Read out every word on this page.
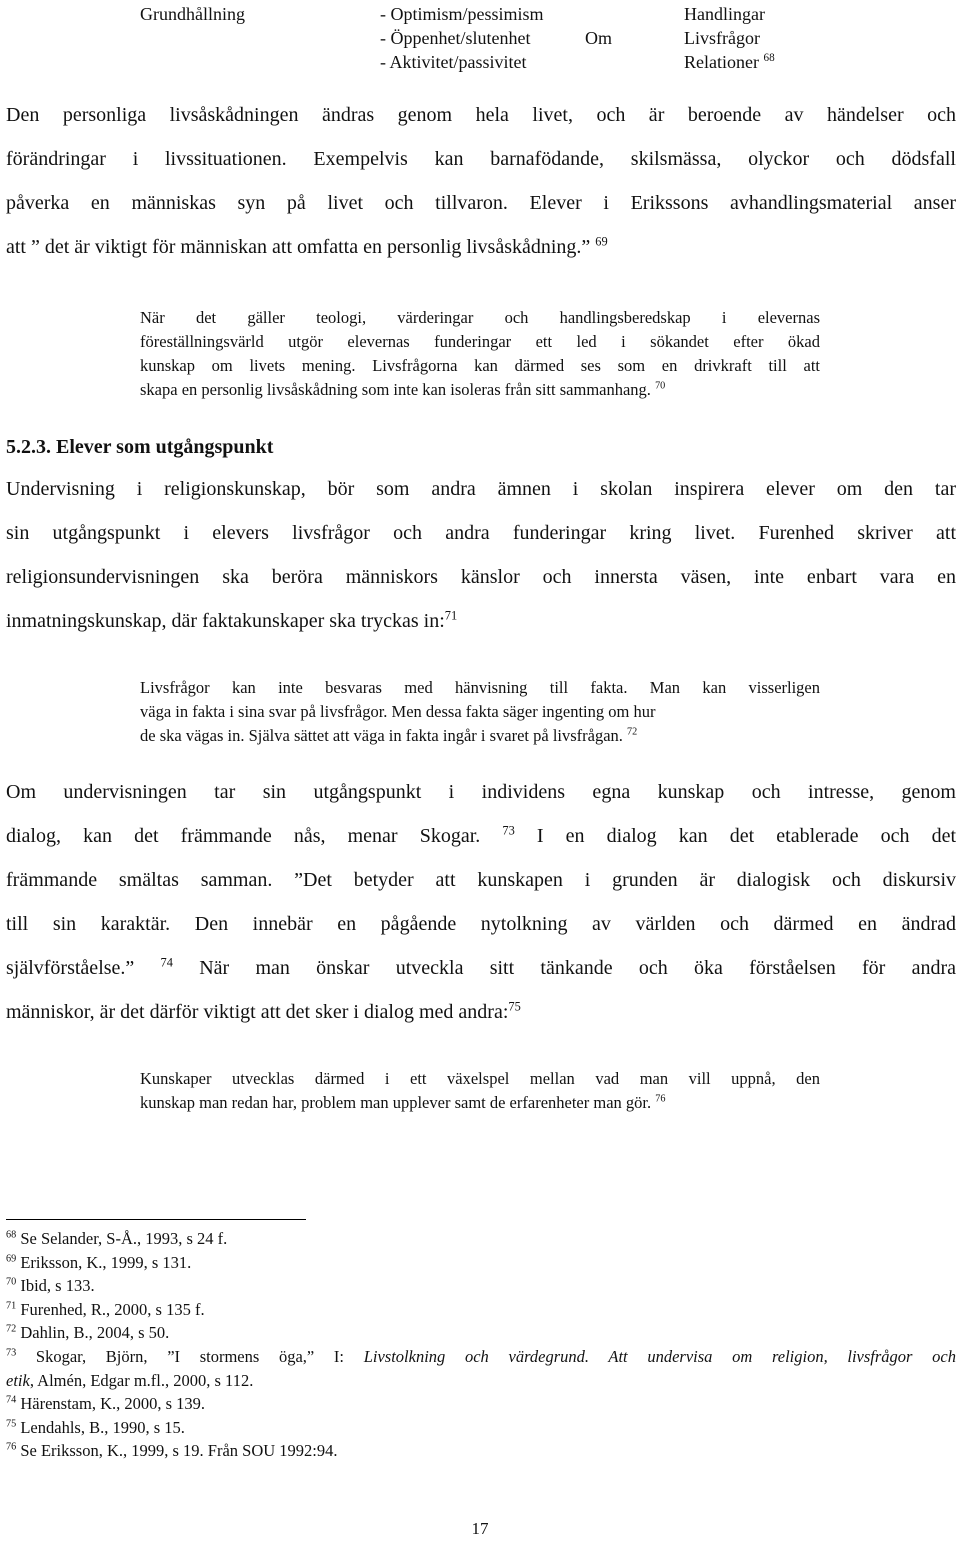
Grundhållning	- Optimism/pessimism
- Öppenhet/slutenhet
- Aktivitet/passivitet
Om
Handlingar
Livsfrågor
Relationer $^{68}$
Den personliga livsåskådningen ändras genom hela livet, och är beroende av händelser och
förändringar i livssituationen. Exempelvis kan barnafödande, skilsmässa, olyckor och dödsfall
påverka en människas syn på livet och tillvaron. Elever i Erikssons avhandlingsmaterial anser
att ” det är viktigt för människan att omfatta en personlig livsåskådning.” $^{69}$
När det gäller teologi, värderingar och handlingsberedskap i elevernas
föreställningsvärld utgör elevernas funderingar ett led i sökandet efter ökad
kunskap om livets mening. Livsfrågorna kan därmed ses som en drivkraft till att
skapa en personlig livsåskådning som inte kan isoleras från sitt sammanhang. $^{70}$
5.2.3. Elever som utgångspunkt
Undervisning i religionskunskap, bör som andra ämnen i skolan inspirera elever om den tar
sin utgångspunkt i elevers livsfrågor och andra funderingar kring livet. Furenhed skriver att
religionsundervisningen ska beröra människors känslor och innersta väsen, inte enbart vara en
inmatningskunskap, där faktakunskaper ska tryckas in:$^{71}$
Livsfrågor kan inte besvaras med hänvisning till fakta. Man kan visserligen
väga in fakta i sina svar på livsfrågor. Men dessa fakta säger ingenting om hur
de ska vägas in. Själva sättet att väga in fakta ingår i svaret på livsfrågan. $^{72}$
Om undervisningen tar sin utgångspunkt i individens egna kunskap och intresse, genom
dialog, kan det främmande nås, menar Skogar. $^{73}$ I en dialog kan det etablerade och det
främmande smältas samman. ”Det betyder att kunskapen i grunden är dialogisk och diskursiv
till sin karaktär. Den innebär en pågående nytolkning av världen och därmed en ändrad
självförståelse.” $^{74}$ När man önskar utveckla sitt tänkande och öka förståelsen för andra
människor, är det därför viktigt att det sker i dialog med andra:$^{75}$
Kunskaper utvecklas därmed i ett växelspel mellan vad man vill uppnå, den
kunskap man redan har, problem man upplever samt de erfarenheter man gör. $^{76}$
$^{68}$ Se Selander, S-Å., 1993, s 24 f.
$^{69}$ Eriksson, K., 1999, s 131.
$^{70}$ Ibid, s 133.
$^{71}$ Furenhed, R., 2000, s 135 f.
$^{72}$ Dahlin, B., 2004, s 50.
$^{73}$ Skogar, Björn, ”I stormens öga,” I: Livstolkning och värdegrund. Att undervisa om religion, livsfrågor och
etik, Almén, Edgar m.fl., 2000, s 112.
$^{74}$ Härenstam, K., 2000, s 139.
$^{75}$ Lendahls, B., 1990, s 15.
$^{76}$ Se Eriksson, K., 1999, s 19. Från SOU 1992:94.
17
